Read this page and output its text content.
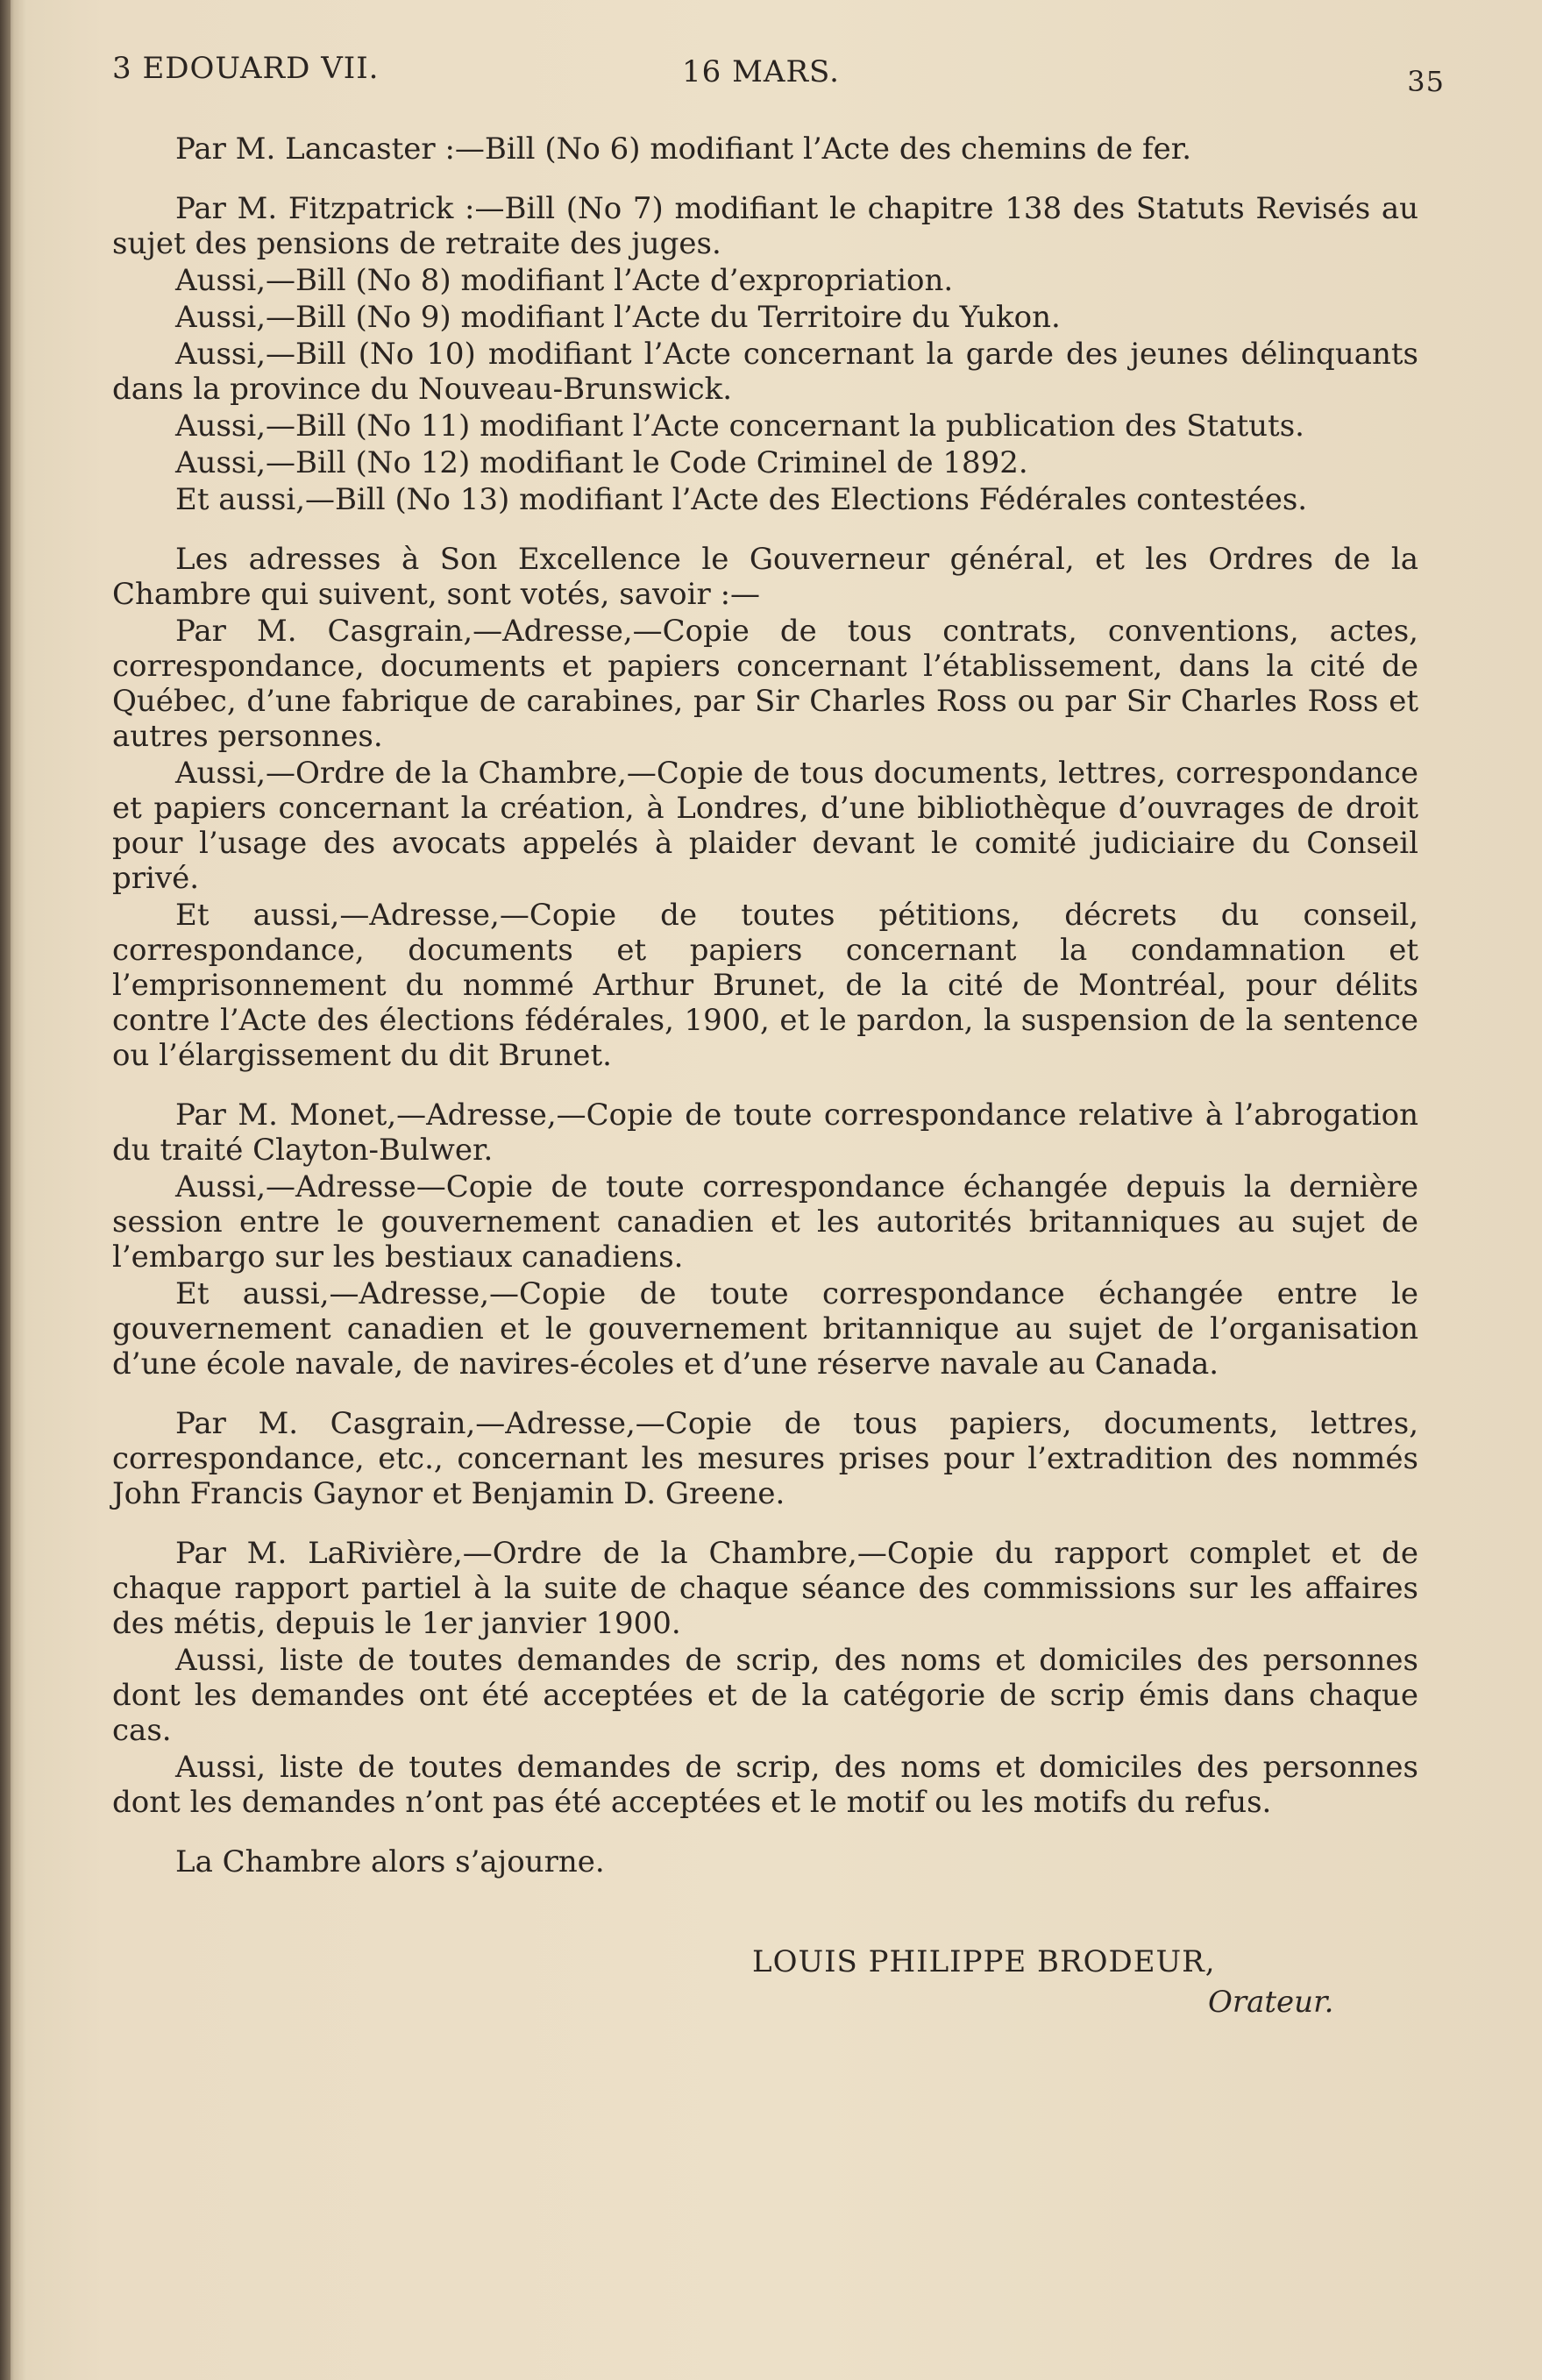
3 EDOUARD VII.	16 MARS.	35

Par M. Lancaster :—Bill (No 6) modifiant l’Acte des chemins de fer.

Par M. Fitzpatrick :—Bill (No 7) modifiant le chapitre 138 des Statuts Revisés au sujet des pensions de retraite des juges.

Aussi,—Bill (No 8) modifiant l’Acte d’expropriation.

Aussi,—Bill (No 9) modifiant l’Acte du Territoire du Yukon.

Aussi,—Bill (No 10) modifiant l’Acte concernant la garde des jeunes délinquants dans la province du Nouveau-Brunswick.

Aussi,—Bill (No 11) modifiant l’Acte concernant la publication des Statuts.

Aussi,—Bill (No 12) modifiant le Code Criminel de 1892.

Et aussi,—Bill (No 13) modifiant l’Acte des Elections Fédérales contestées.

Les adresses à Son Excellence le Gouverneur général, et les Ordres de la Chambre qui suivent, sont votés, savoir :—

Par M. Casgrain,—Adresse,—Copie de tous contrats, conventions, actes, correspondance, documents et papiers concernant l’établissement, dans la cité de Québec, d’une fabrique de carabines, par Sir Charles Ross ou par Sir Charles Ross et autres personnes.

Aussi,—Ordre de la Chambre,—Copie de tous documents, lettres, correspondance et papiers concernant la création, à Londres, d’une bibliothèque d’ouvrages de droit pour l’usage des avocats appelés à plaider devant le comité judiciaire du Conseil privé.

Et aussi,—Adresse,—Copie de toutes pétitions, décrets du conseil, correspondance, documents et papiers concernant la condamnation et l’emprisonnement du nommé Arthur Brunet, de la cité de Montréal, pour délits contre l’Acte des élections fédérales, 1900, et le pardon, la suspension de la sentence ou l’élargissement du dit Brunet.

Par M. Monet,—Adresse,—Copie de toute correspondance relative à l’abrogation du traité Clayton-Bulwer.

Aussi,—Adresse—Copie de toute correspondance échangée depuis la dernière session entre le gouvernement canadien et les autorités britanniques au sujet de l’embargo sur les bestiaux canadiens.

Et aussi,—Adresse,—Copie de toute correspondance échangée entre le gouvernement canadien et le gouvernement britannique au sujet de l’organisation d’une école navale, de navires-écoles et d’une réserve navale au Canada.

Par M. Casgrain,—Adresse,—Copie de tous papiers, documents, lettres, correspondance, etc., concernant les mesures prises pour l’extradition des nommés John Francis Gaynor et Benjamin D. Greene.

Par M. LaRivière,—Ordre de la Chambre,—Copie du rapport complet et de chaque rapport partiel à la suite de chaque séance des commissions sur les affaires des métis, depuis le 1er janvier 1900.

Aussi, liste de toutes demandes de scrip, des noms et domiciles des personnes dont les demandes ont été acceptées et de la catégorie de scrip émis dans chaque cas.

Aussi, liste de toutes demandes de scrip, des noms et domiciles des personnes dont les demandes n’ont pas été acceptées et le motif ou les motifs du refus.

La Chambre alors s’ajourne.

LOUIS PHILIPPE BRODEUR,
Orateur.
